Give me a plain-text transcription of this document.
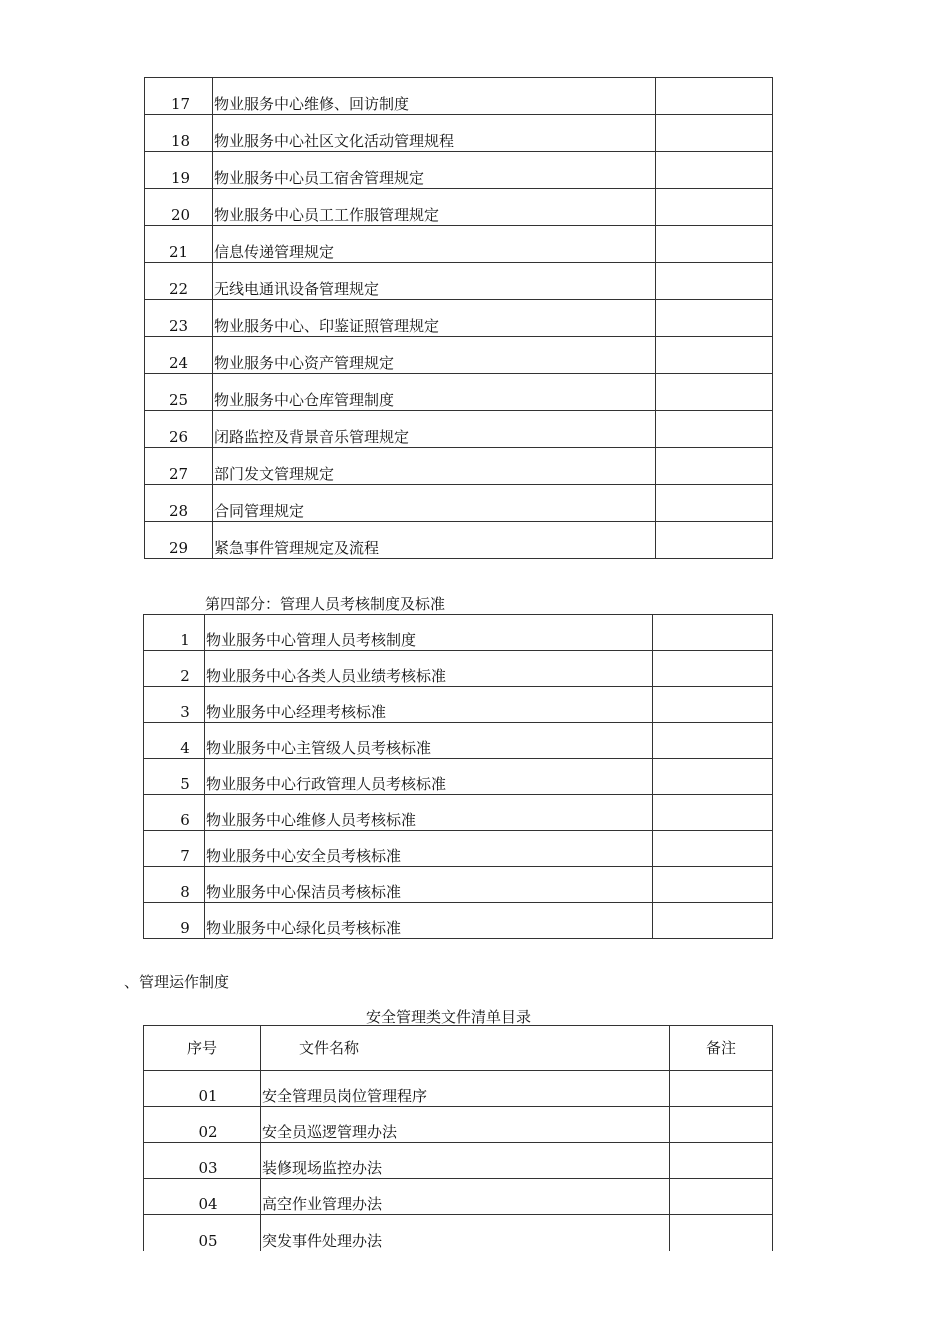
17	物业服务中心维修、回访制度	
18	物业服务中心社区文化活动管理规程	
19	物业服务中心员工宿舍管理规定	
20	物业服务中心员工工作服管理规定	
21	信息传递管理规定	
22	无线电通讯设备管理规定	
23	物业服务中心、印鉴证照管理规定	
24	物业服务中心资产管理规定	
25	物业服务中心仓库管理制度	
26	闭路监控及背景音乐管理规定	
27	部门发文管理规定	
28	合同管理规定	
29	紧急事件管理规定及流程	
第四部分：管理人员考核制度及标准
1	物业服务中心管理人员考核制度	
2	物业服务中心各类人员业绩考核标准	
3	物业服务中心经理考核标准	
4	物业服务中心主管级人员考核标准	
5	物业服务中心行政管理人员考核标准	
6	物业服务中心维修人员考核标准	
7	物业服务中心安全员考核标准	
8	物业服务中心保洁员考核标准	
9	物业服务中心绿化员考核标准	
、管理运作制度
安全管理类文件清单目录
序号	文件名称	备注
01	安全管理员岗位管理程序	
02	安全员巡逻管理办法	
03	装修现场监控办法	
04	高空作业管理办法	
05	突发事件处理办法	
